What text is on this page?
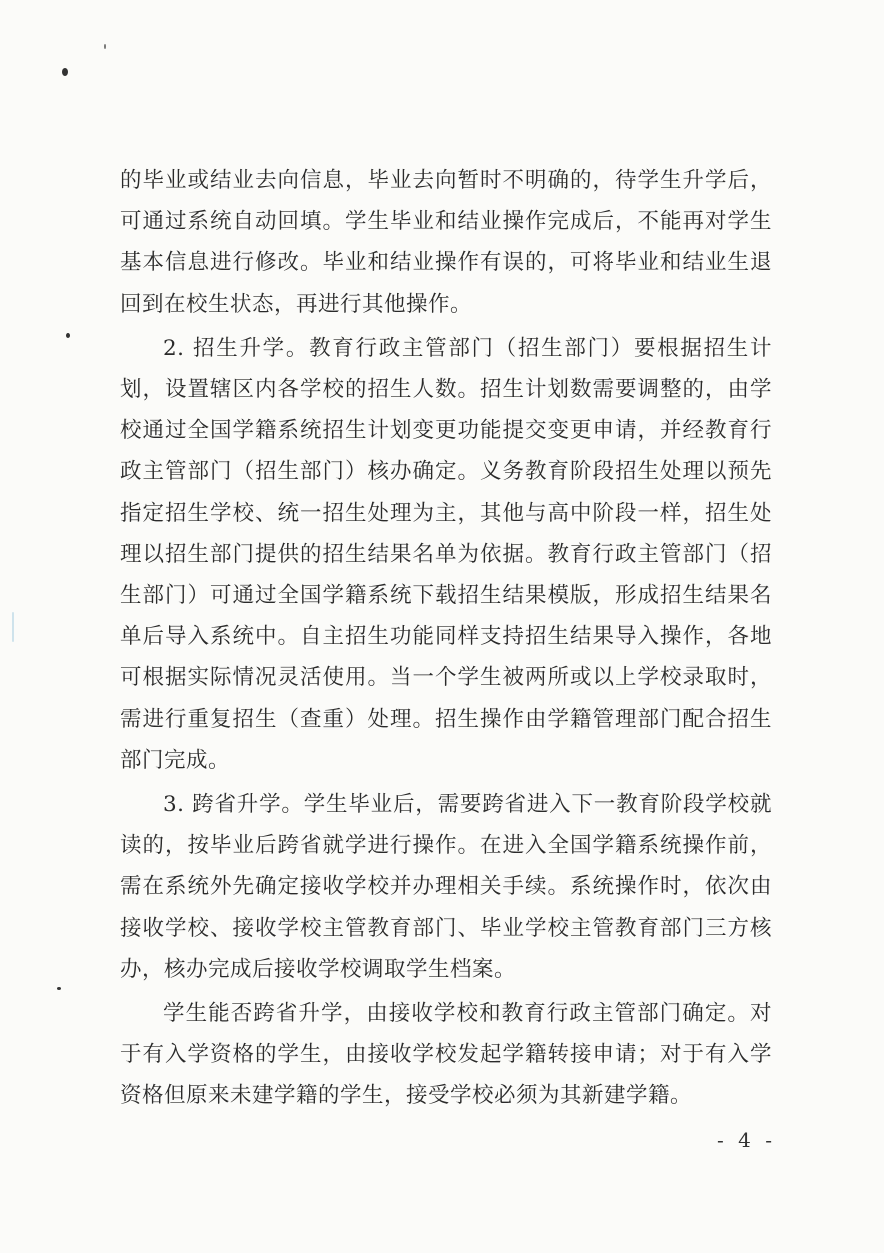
的毕业或结业去向信息，毕业去向暂时不明确的，待学生升学后，可通过系统自动回填。学生毕业和结业操作完成后，不能再对学生基本信息进行修改。毕业和结业操作有误的，可将毕业和结业生退回到在校生状态，再进行其他操作。

2. 招生升学。教育行政主管部门（招生部门）要根据招生计划，设置辖区内各学校的招生人数。招生计划数需要调整的，由学校通过全国学籍系统招生计划变更功能提交变更申请，并经教育行政主管部门（招生部门）核办确定。义务教育阶段招生处理以预先指定招生学校、统一招生处理为主，其他与高中阶段一样，招生处理以招生部门提供的招生结果名单为依据。教育行政主管部门（招生部门）可通过全国学籍系统下载招生结果模版，形成招生结果名单后导入系统中。自主招生功能同样支持招生结果导入操作，各地可根据实际情况灵活使用。当一个学生被两所或以上学校录取时，需进行重复招生（查重）处理。招生操作由学籍管理部门配合招生部门完成。

3. 跨省升学。学生毕业后，需要跨省进入下一教育阶段学校就读的，按毕业后跨省就学进行操作。在进入全国学籍系统操作前，需在系统外先确定接收学校并办理相关手续。系统操作时，依次由接收学校、接收学校主管教育部门、毕业学校主管教育部门三方核办，核办完成后接收学校调取学生档案。

学生能否跨省升学，由接收学校和教育行政主管部门确定。对于有入学资格的学生，由接收学校发起学籍转接申请；对于有入学资格但原来未建学籍的学生，接受学校必须为其新建学籍。

- 4 -
